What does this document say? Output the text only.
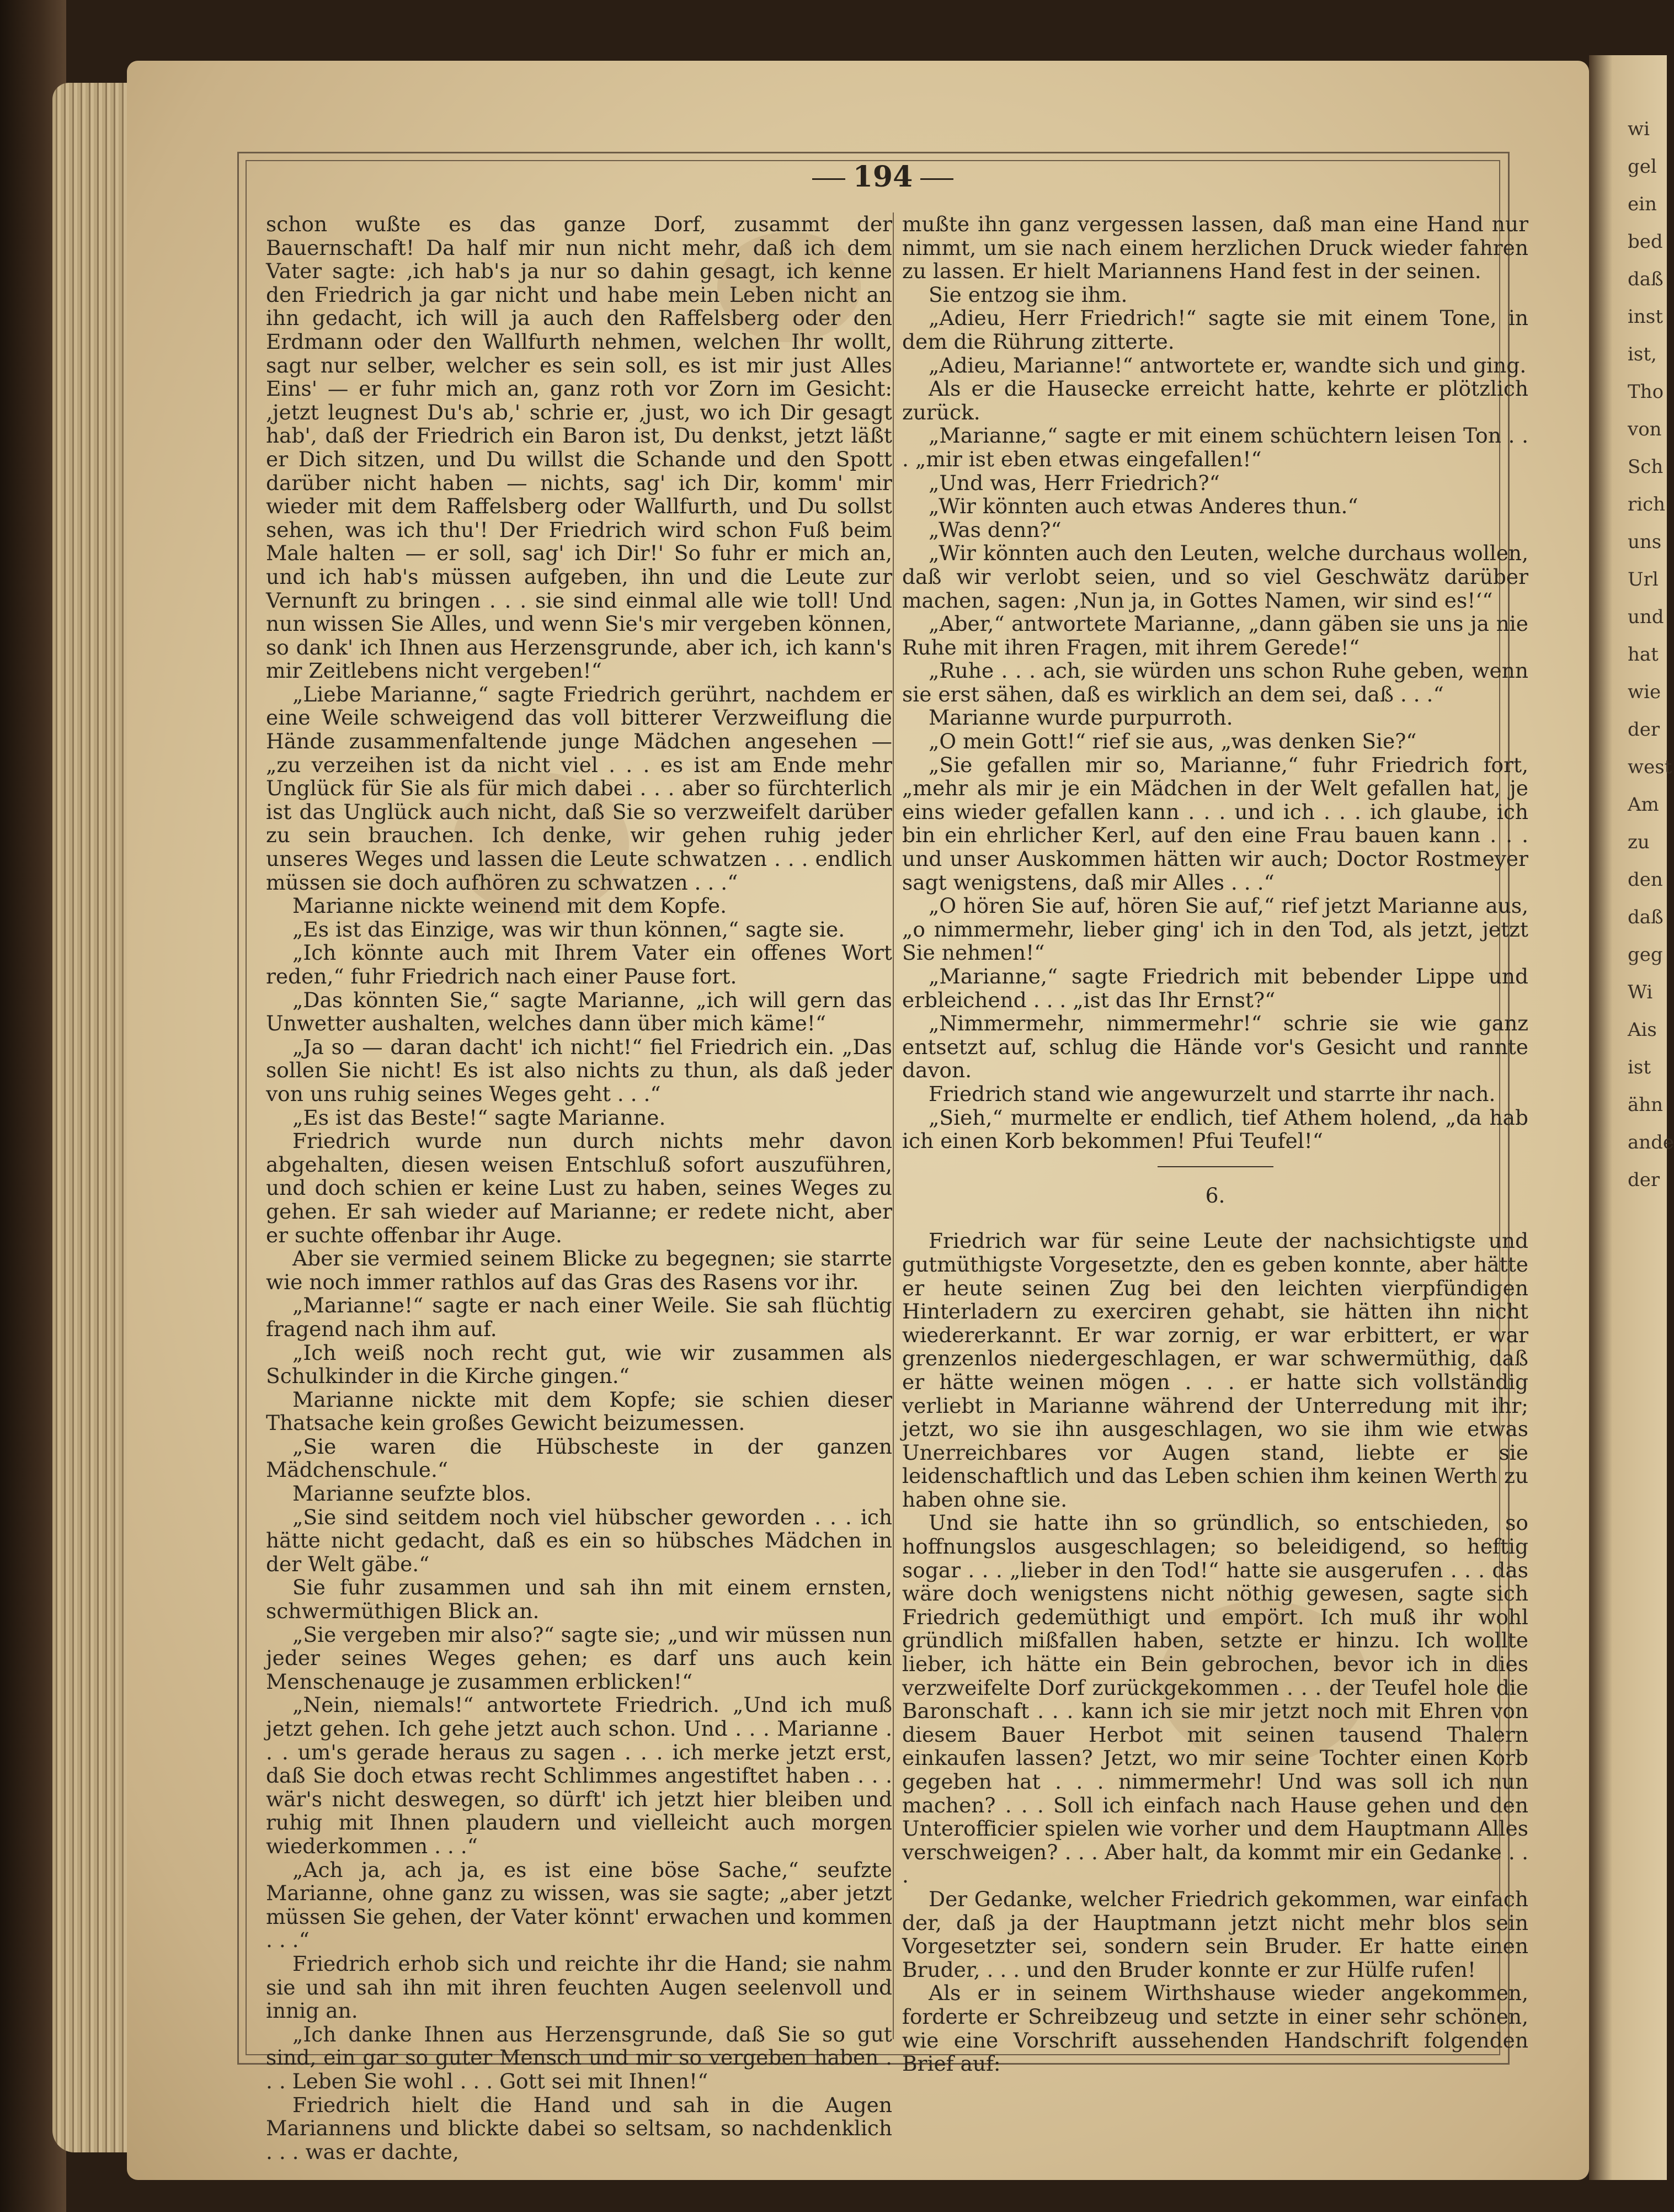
wi
gel
ein
bed
daß
inst
ist,
Tho
von
Sch
rich
uns
Url
und
hat
wie
der
west
Am
zu
den
daß
geg
Wi
Ais
ist
ähn
ande
der
194

schon wußte es das ganze Dorf, zusammt der Bauernschaft! Da half mir nun nicht mehr, daß ich dem Vater sagte: ‚ich hab's ja nur so dahin gesagt, ich kenne den Friedrich ja gar nicht und habe mein Leben nicht an ihn gedacht, ich will ja auch den Raffelsberg oder den Erdmann oder den Wallfurth nehmen, welchen Ihr wollt, sagt nur selber, welcher es sein soll, es ist mir just Alles Eins' — er fuhr mich an, ganz roth vor Zorn im Gesicht: ‚jetzt leugnest Du's ab,' schrie er, ‚just, wo ich Dir gesagt hab', daß der Friedrich ein Baron ist, Du denkst, jetzt läßt er Dich sitzen, und Du willst die Schande und den Spott darüber nicht haben — nichts, sag' ich Dir, komm' mir wieder mit dem Raffelsberg oder Wallfurth, und Du sollst sehen, was ich thu'! Der Friedrich wird schon Fuß beim Male halten — er soll, sag' ich Dir!' So fuhr er mich an, und ich hab's müssen aufgeben, ihn und die Leute zur Vernunft zu bringen . . . sie sind einmal alle wie toll! Und nun wissen Sie Alles, und wenn Sie's mir vergeben können, so dank' ich Ihnen aus Herzensgrunde, aber ich, ich kann's mir Zeitlebens nicht vergeben!“

„Liebe Marianne,“ sagte Friedrich gerührt, nachdem er eine Weile schweigend das voll bitterer Verzweiflung die Hände zusammenfaltende junge Mädchen angesehen — „zu verzeihen ist da nicht viel . . . es ist am Ende mehr Unglück für Sie als für mich dabei . . . aber so fürchterlich ist das Unglück auch nicht, daß Sie so verzweifelt darüber zu sein brauchen. Ich denke, wir gehen ruhig jeder unseres Weges und lassen die Leute schwatzen . . . endlich müssen sie doch aufhören zu schwatzen . . .“

Marianne nickte weinend mit dem Kopfe.

„Es ist das Einzige, was wir thun können,“ sagte sie.

„Ich könnte auch mit Ihrem Vater ein offenes Wort reden,“ fuhr Friedrich nach einer Pause fort.

„Das könnten Sie,“ sagte Marianne, „ich will gern das Unwetter aushalten, welches dann über mich käme!“

„Ja so — daran dacht' ich nicht!“ fiel Friedrich ein. „Das sollen Sie nicht! Es ist also nichts zu thun, als daß jeder von uns ruhig seines Weges geht . . .“

„Es ist das Beste!“ sagte Marianne.

Friedrich wurde nun durch nichts mehr davon abgehalten, diesen weisen Entschluß sofort auszuführen, und doch schien er keine Lust zu haben, seines Weges zu gehen. Er sah wieder auf Marianne; er redete nicht, aber er suchte offenbar ihr Auge.

Aber sie vermied seinem Blicke zu begegnen; sie starrte wie noch immer rathlos auf das Gras des Rasens vor ihr.

„Marianne!“ sagte er nach einer Weile. Sie sah flüchtig fragend nach ihm auf.

„Ich weiß noch recht gut, wie wir zusammen als Schulkinder in die Kirche gingen.“

Marianne nickte mit dem Kopfe; sie schien dieser Thatsache kein großes Gewicht beizumessen.

„Sie waren die Hübscheste in der ganzen Mädchenschule.“

Marianne seufzte blos.

„Sie sind seitdem noch viel hübscher geworden . . . ich hätte nicht gedacht, daß es ein so hübsches Mädchen in der Welt gäbe.“

Sie fuhr zusammen und sah ihn mit einem ernsten, schwermüthigen Blick an.

„Sie vergeben mir also?“ sagte sie; „und wir müssen nun jeder seines Weges gehen; es darf uns auch kein Menschenauge je zusammen erblicken!“

„Nein, niemals!“ antwortete Friedrich. „Und ich muß jetzt gehen. Ich gehe jetzt auch schon. Und . . . Marianne . . . um's gerade heraus zu sagen . . . ich merke jetzt erst, daß Sie doch etwas recht Schlimmes angestiftet haben . . . wär's nicht deswegen, so dürft' ich jetzt hier bleiben und ruhig mit Ihnen plaudern und vielleicht auch morgen wiederkommen . . .“

„Ach ja, ach ja, es ist eine böse Sache,“ seufzte Marianne, ohne ganz zu wissen, was sie sagte; „aber jetzt müssen Sie gehen, der Vater könnt' erwachen und kommen . . .“

Friedrich erhob sich und reichte ihr die Hand; sie nahm sie und sah ihn mit ihren feuchten Augen seelenvoll und innig an.

„Ich danke Ihnen aus Herzensgrunde, daß Sie so gut sind, ein gar so guter Mensch und mir so vergeben haben . . . Leben Sie wohl . . . Gott sei mit Ihnen!“

Friedrich hielt die Hand und sah in die Augen Mariannens und blickte dabei so seltsam, so nachdenklich . . . was er dachte,

mußte ihn ganz vergessen lassen, daß man eine Hand nur nimmt, um sie nach einem herzlichen Druck wieder fahren zu lassen. Er hielt Mariannens Hand fest in der seinen.

Sie entzog sie ihm.

„Adieu, Herr Friedrich!“ sagte sie mit einem Tone, in dem die Rührung zitterte.

„Adieu, Marianne!“ antwortete er, wandte sich und ging.

Als er die Hausecke erreicht hatte, kehrte er plötzlich zurück.

„Marianne,“ sagte er mit einem schüchtern leisen Ton . . . „mir ist eben etwas eingefallen!“

„Und was, Herr Friedrich?“

„Wir könnten auch etwas Anderes thun.“

„Was denn?“

„Wir könnten auch den Leuten, welche durchaus wollen, daß wir verlobt seien, und so viel Geschwätz darüber machen, sagen: ‚Nun ja, in Gottes Namen, wir sind es!‘“

„Aber,“ antwortete Marianne, „dann gäben sie uns ja nie Ruhe mit ihren Fragen, mit ihrem Gerede!“

„Ruhe . . . ach, sie würden uns schon Ruhe geben, wenn sie erst sähen, daß es wirklich an dem sei, daß . . .“

Marianne wurde purpurroth.

„O mein Gott!“ rief sie aus, „was denken Sie?“

„Sie gefallen mir so, Marianne,“ fuhr Friedrich fort, „mehr als mir je ein Mädchen in der Welt gefallen hat, je eins wieder gefallen kann . . . und ich . . . ich glaube, ich bin ein ehrlicher Kerl, auf den eine Frau bauen kann . . . und unser Auskommen hätten wir auch; Doctor Rostmeyer sagt wenigstens, daß mir Alles . . .“

„O hören Sie auf, hören Sie auf,“ rief jetzt Marianne aus, „o nimmermehr, lieber ging' ich in den Tod, als jetzt, jetzt Sie nehmen!“

„Marianne,“ sagte Friedrich mit bebender Lippe und erbleichend . . . „ist das Ihr Ernst?“

„Nimmermehr, nimmermehr!“ schrie sie wie ganz entsetzt auf, schlug die Hände vor's Gesicht und rannte davon.

Friedrich stand wie angewurzelt und starrte ihr nach.

„Sieh,“ murmelte er endlich, tief Athem holend, „da hab ich einen Korb bekommen! Pfui Teufel!“

6.

Friedrich war für seine Leute der nachsichtigste und gutmüthigste Vorgesetzte, den es geben konnte, aber hätte er heute seinen Zug bei den leichten vierpfündigen Hinterladern zu exerciren gehabt, sie hätten ihn nicht wiedererkannt. Er war zornig, er war erbittert, er war grenzenlos niedergeschlagen, er war schwermüthig, daß er hätte weinen mögen . . . er hatte sich vollständig verliebt in Marianne während der Unterredung mit ihr; jetzt, wo sie ihn ausgeschlagen, wo sie ihm wie etwas Unerreichbares vor Augen stand, liebte er sie leidenschaftlich und das Leben schien ihm keinen Werth zu haben ohne sie.

Und sie hatte ihn so gründlich, so entschieden, so hoffnungslos ausgeschlagen; so beleidigend, so heftig sogar . . . „lieber in den Tod!“ hatte sie ausgerufen . . . das wäre doch wenigstens nicht nöthig gewesen, sagte sich Friedrich gedemüthigt und empört. Ich muß ihr wohl gründlich mißfallen haben, setzte er hinzu. Ich wollte lieber, ich hätte ein Bein gebrochen, bevor ich in dies verzweifelte Dorf zurückgekommen . . . der Teufel hole die Baronschaft . . . kann ich sie mir jetzt noch mit Ehren von diesem Bauer Herbot mit seinen tausend Thalern einkaufen lassen? Jetzt, wo mir seine Tochter einen Korb gegeben hat . . . nimmermehr! Und was soll ich nun machen? . . . Soll ich einfach nach Hause gehen und den Unterofficier spielen wie vorher und dem Hauptmann Alles verschweigen? . . . Aber halt, da kommt mir ein Gedanke . . .

Der Gedanke, welcher Friedrich gekommen, war einfach der, daß ja der Hauptmann jetzt nicht mehr blos sein Vorgesetzter sei, sondern sein Bruder. Er hatte einen Bruder, . . . und den Bruder konnte er zur Hülfe rufen!

Als er in seinem Wirthshause wieder angekommen, forderte er Schreibzeug und setzte in einer sehr schönen, wie eine Vorschrift aussehenden Handschrift folgenden Brief auf:
